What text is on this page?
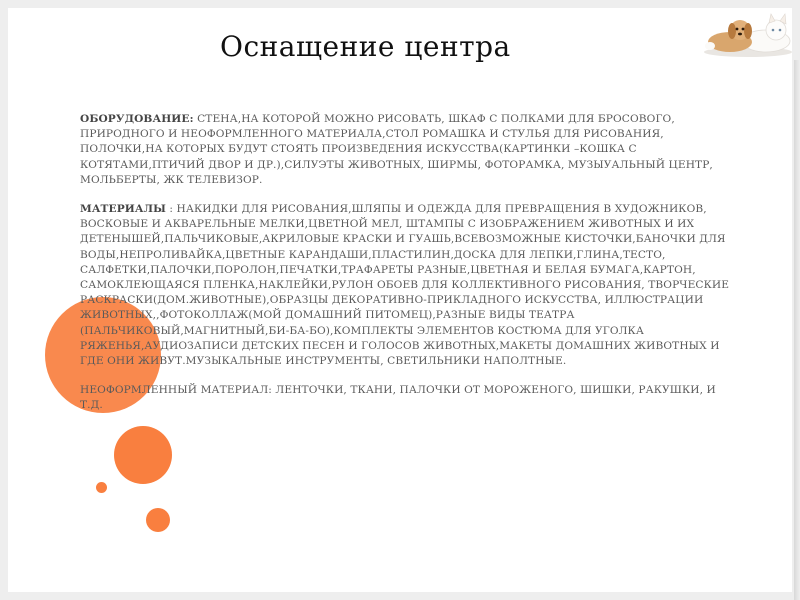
Оснащение центра

ОБОРУДОВАНИЕ: СТЕНА,НА КОТОРОЙ МОЖНО РИСОВАТЬ, ШКАФ С ПОЛКАМИ ДЛЯ БРОСОВОГО, ПРИРОДНОГО И НЕОФОРМЛЕННОГО МАТЕРИАЛА,СТОЛ РОМАШКА И СТУЛЬЯ ДЛЯ РИСОВАНИЯ, ПОЛОЧКИ,НА КОТОРЫХ БУДУТ СТОЯТЬ ПРОИЗВЕДЕНИЯ ИСКУССТВА(КАРТИНКИ –КОШКА С КОТЯТАМИ,ПТИЧИЙ ДВОР И ДР.),СИЛУЭТЫ ЖИВОТНЫХ, ШИРМЫ, ФОТОРАМКА, МУЗЫУАЛЬНЫЙ ЦЕНТР, МОЛЬБЕРТЫ, ЖК ТЕЛЕВИЗОР.

МАТЕРИАЛЫ : НАКИДКИ ДЛЯ РИСОВАНИЯ,ШЛЯПЫ И ОДЕЖДА ДЛЯ ПРЕВРАЩЕНИЯ В ХУДОЖНИКОВ, ВОСКОВЫЕ И АКВАРЕЛЬНЫЕ МЕЛКИ,ЦВЕТНОЙ МЕЛ, ШТАМПЫ С ИЗОБРАЖЕНИЕМ ЖИВОТНЫХ И ИХ ДЕТЕНЫШЕЙ,ПАЛЬЧИКОВЫЕ,АКРИЛОВЫЕ КРАСКИ И ГУАШЬ,ВСЕВОЗМОЖНЫЕ КИСТОЧКИ,БАНОЧКИ ДЛЯ ВОДЫ,НЕПРОЛИВАЙКА,ЦВЕТНЫЕ КАРАНДАШИ,ПЛАСТИЛИН,ДОСКА ДЛЯ ЛЕПКИ,ГЛИНА,ТЕСТО, САЛФЕТКИ,ПАЛОЧКИ,ПОРОЛОН,ПЕЧАТКИ,ТРАФАРЕТЫ РАЗНЫЕ,ЦВЕТНАЯ И БЕЛАЯ БУМАГА,КАРТОН, САМОКЛЕЮЩАЯСЯ ПЛЕНКА,НАКЛЕЙКИ,РУЛОН ОБОЕВ ДЛЯ КОЛЛЕКТИВНОГО РИСОВАНИЯ, ТВОРЧЕСКИЕ РАСКРАСКИ(ДОМ.ЖИВОТНЫЕ),ОБРАЗЦЫ ДЕКОРАТИВНО-ПРИКЛАДНОГО ИСКУССТВА, ИЛЛЮСТРАЦИИ ЖИВОТНЫХ,,ФОТОКОЛЛАЖ(МОЙ ДОМАШНИЙ ПИТОМЕЦ),РАЗНЫЕ ВИДЫ ТЕАТРА (ПАЛЬЧИКОВЫЙ,МАГНИТНЫЙ,БИ-БА-БО),КОМПЛЕКТЫ ЭЛЕМЕНТОВ КОСТЮМА ДЛЯ УГОЛКА РЯЖЕНЬЯ,АУДИОЗАПИСИ ДЕТСКИХ ПЕСЕН И ГОЛОСОВ ЖИВОТНЫХ,МАКЕТЫ ДОМАШНИХ ЖИВОТНЫХ И ГДЕ ОНИ ЖИВУТ.МУЗЫКАЛЬНЫЕ ИНСТРУМЕНТЫ, СВЕТИЛЬНИКИ НАПОЛТНЫЕ.

НЕОФОРМЛЕННЫЙ МАТЕРИАЛ: ЛЕНТОЧКИ, ТКАНИ, ПАЛОЧКИ ОТ МОРОЖЕНОГО, ШИШКИ, РАКУШКИ, И Т.Д.
